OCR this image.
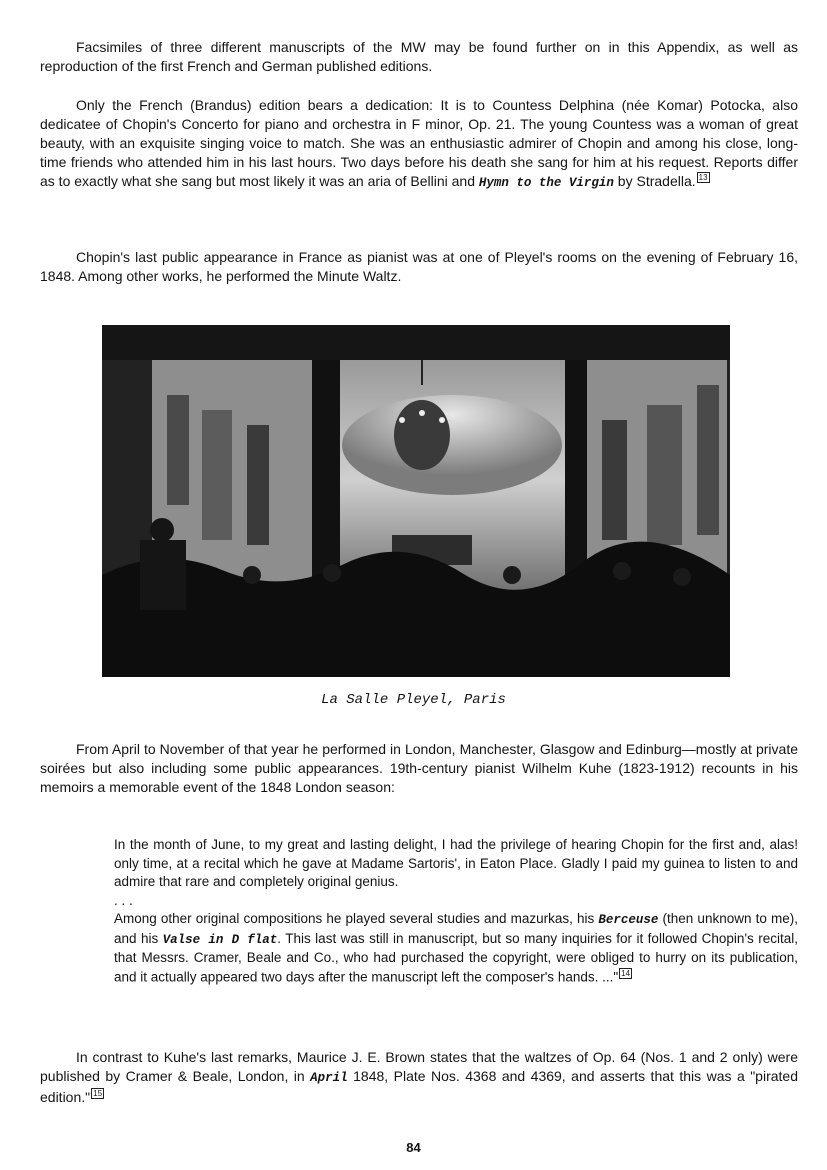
Facsimiles of three different manuscripts of the MW may be found further on in this Appendix, as well as reproduction of the first French and German published editions.

Only the French (Brandus) edition bears a dedication: It is to Countess Delphina (née Komar) Potocka, also dedicatee of Chopin's Concerto for piano and orchestra in F minor, Op. 21. The young Countess was a woman of great beauty, with an exquisite singing voice to match. She was an enthusiastic admirer of Chopin and among his close, long-time friends who attended him in his last hours. Two days before his death she sang for him at his request. Reports differ as to exactly what she sang but most likely it was an aria of Bellini and Hymn to the Virgin by Stradella. 13

Chopin's last public appearance in France as pianist was at one of Pleyel's rooms on the evening of February 16, 1848. Among other works, he performed the Minute Waltz.

La Salle Pleyel, Paris

From April to November of that year he performed in London, Manchester, Glasgow and Edinburg—mostly at private soirées but also including some public appearances. 19th-century pianist Wilhelm Kuhe (1823-1912) recounts in his memoirs a memorable event of the 1848 London season:

In the month of June, to my great and lasting delight, I had the privilege of hearing Chopin for the first and, alas! only time, at a recital which he gave at Madame Sartoris', in Eaton Place. Gladly I paid my guinea to listen to and admire that rare and completely original genius.

. . .

Among other original compositions he played several studies and mazurkas, his Berceuse (then unknown to me), and his Valse in D flat. This last was still in manuscript, but so many inquiries for it followed Chopin's recital, that Messrs. Cramer, Beale and Co., who had purchased the copyright, were obliged to hurry on its publication, and it actually appeared two days after the manuscript left the composer's hands. ..." 14

In contrast to Kuhe's last remarks, Maurice J. E. Brown states that the waltzes of Op. 64 (Nos. 1 and 2 only) were published by Cramer & Beale, London, in April 1848, Plate Nos. 4368 and 4369, and asserts that this was a "pirated edition." 15

84
